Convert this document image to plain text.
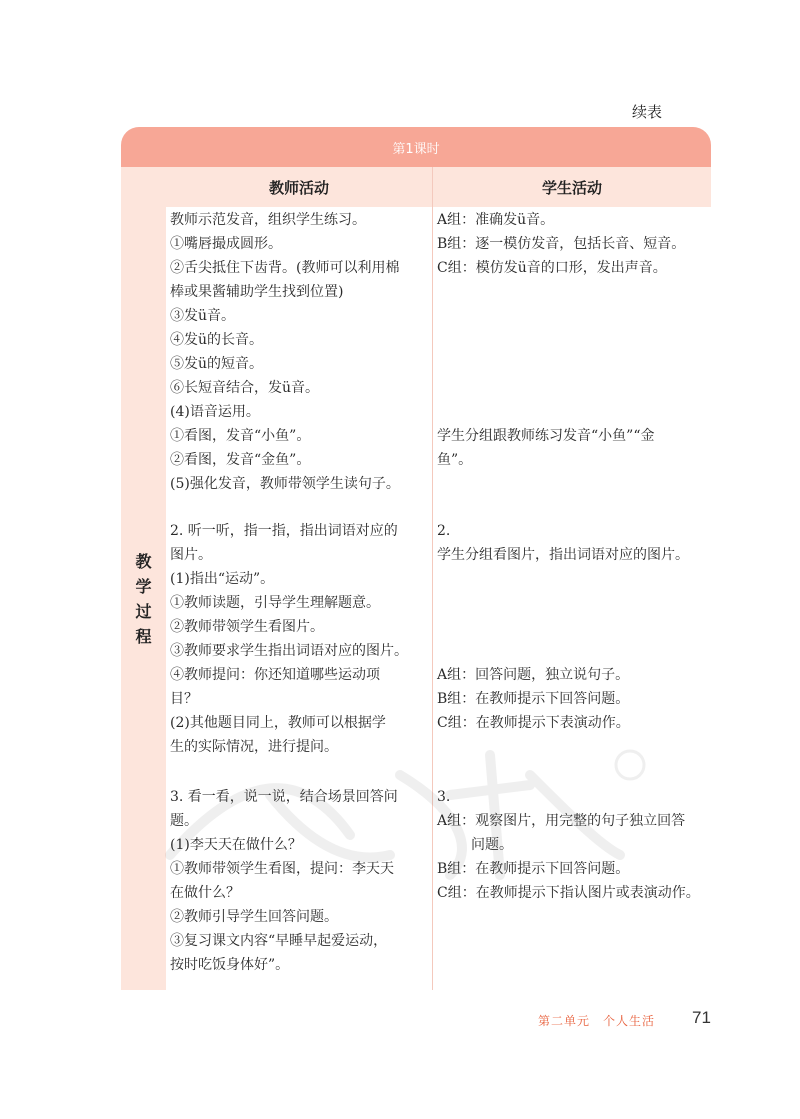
续表
第1课时
教师活动	学生活动
教学过程
教师示范发音，组织学生练习。
①嘴唇撮成圆形。
②舌尖抵住下齿背。(教师可以利用棉
棒或果酱辅助学生找到位置)
③发ü音。
④发ü的长音。
⑤发ü的短音。
⑥长短音结合，发ü音。
(4)语音运用。
①看图，发音“小鱼”。
②看图，发音“金鱼”。
(5)强化发音，教师带领学生读句子。
2. 听一听，指一指，指出词语对应的
图片。
(1)指出“运动”。
①教师读题，引导学生理解题意。
②教师带领学生看图片。
③教师要求学生指出词语对应的图片。
④教师提问：你还知道哪些运动项
目？
(2)其他题目同上，教师可以根据学
生的实际情况，进行提问。
3. 看一看，说一说，结合场景回答问
题。
(1)李天天在做什么？
①教师带领学生看图，提问：李天天
在做什么？
②教师引导学生回答问题。
③复习课文内容“早睡早起爱运动，
按时吃饭身体好”。
A组：准确发ü音。
B组：逐一模仿发音，包括长音、短音。
C组：模仿发ü音的口形，发出声音。
学生分组跟教师练习发音“小鱼”“金
鱼”。
2.
学生分组看图片，指出词语对应的图片。
A组：回答问题，独立说句子。
B组：在教师提示下回答问题。
C组：在教师提示下表演动作。
3.
A组：观察图片，用完整的句子独立回答
问题。
B组：在教师提示下回答问题。
C组：在教师提示下指认图片或表演动作。
第二单元　个人生活 71
